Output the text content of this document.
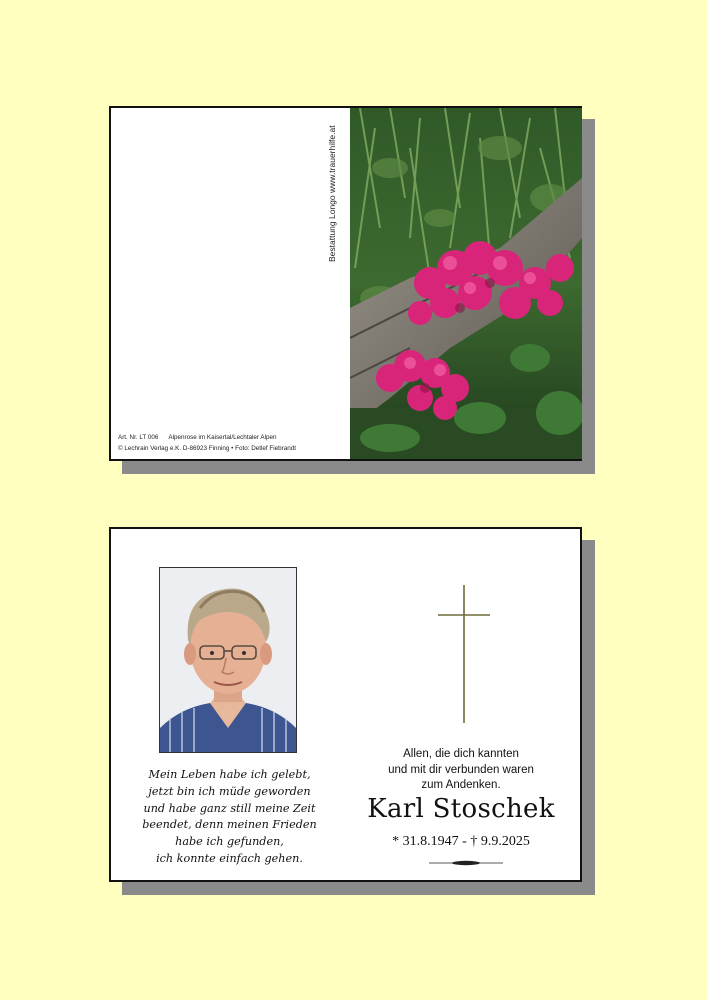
Bestattung Longo www.trauerhilfe.at
Art. Nr. LT 006 Alpenrose im Kaisertal/Lechtaler Alpen
© Lechrain Verlag e.K. D-86923 Finning • Foto: Detlef Fiebrandt
Mein Leben habe ich gelebt,
jetzt bin ich müde geworden
und habe ganz still meine Zeit
beendet, denn meinen Frieden
habe ich gefunden,
ich konnte einfach gehen.
Allen, die dich kannten
und mit dir verbunden waren
zum Andenken.
Karl Stoschek
* 31.8.1947 - † 9.9.2025
